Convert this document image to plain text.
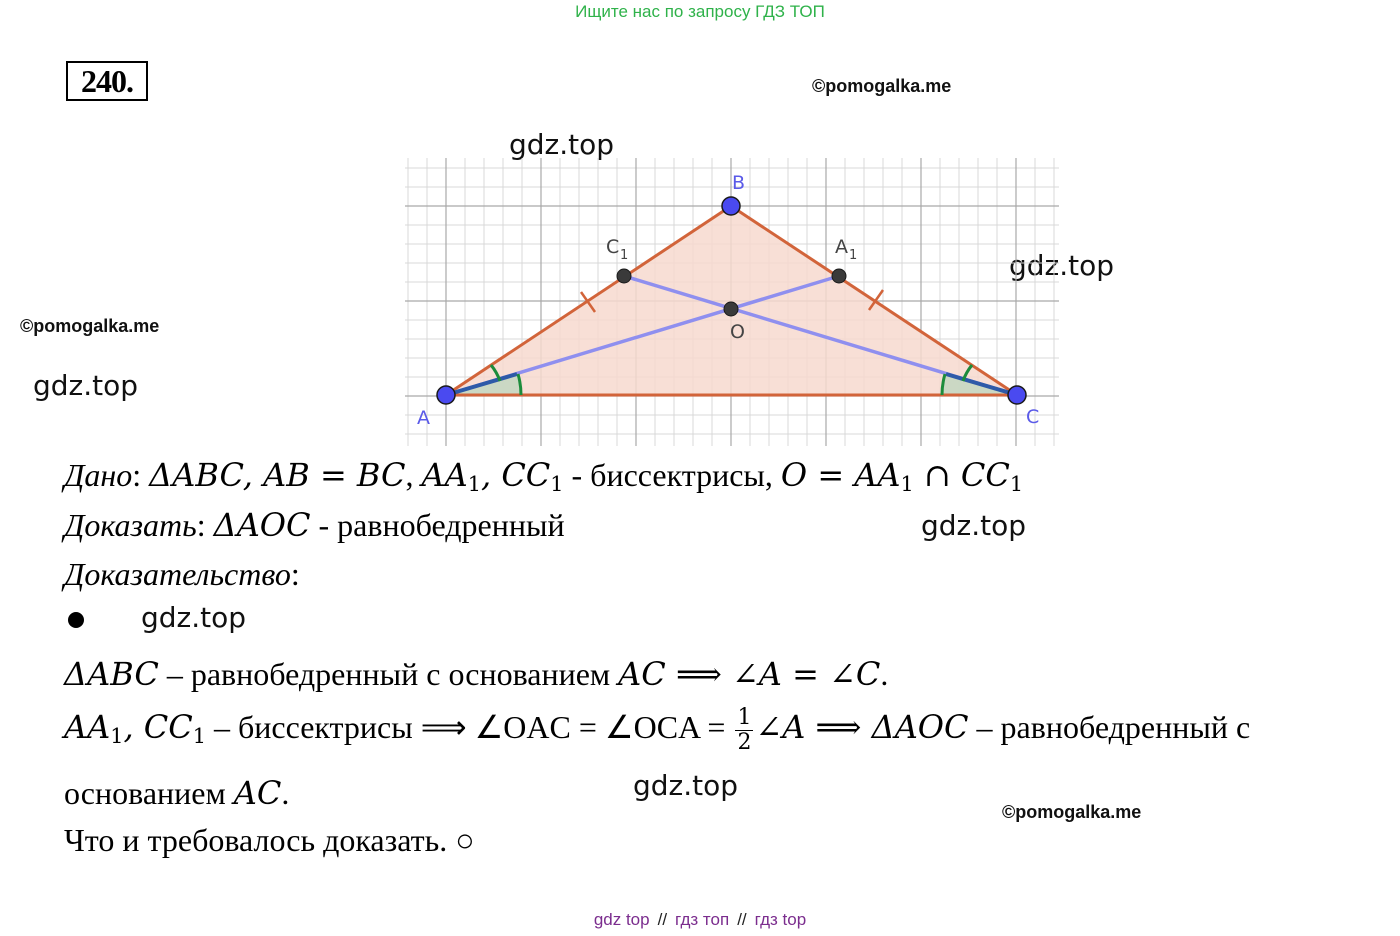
Ищите нас по запросу ГДЗ ТОП
240.	©pomogalka.me
©pomogalka.me
©pomogalka.me
gdz.top
gdz.top
gdz.top
gdz.top
gdz.top
gdz.top
A
B
C
C 1	A 1
O
Дано: ΔABC, AB = BC, $AA_1$, $CC_1$ - биссектрисы, $O = AA_1$ ∩ $CC_1$
Доказать: ΔAOC - равнобедренный
Доказательство:
ΔABC – равнобедренный с основанием AC ⟹ ∠A = ∠C.
$AA_1$, $CC_1$ – биссектрисы ⟹ ∠OAC = ∠OCA = $\frac{1}{2}$ ∠A ⟹ ΔAOC – равнобедренный с
основанием AC.
Что и требовалось доказать. ○
gdz top // гдз топ // гдз top
